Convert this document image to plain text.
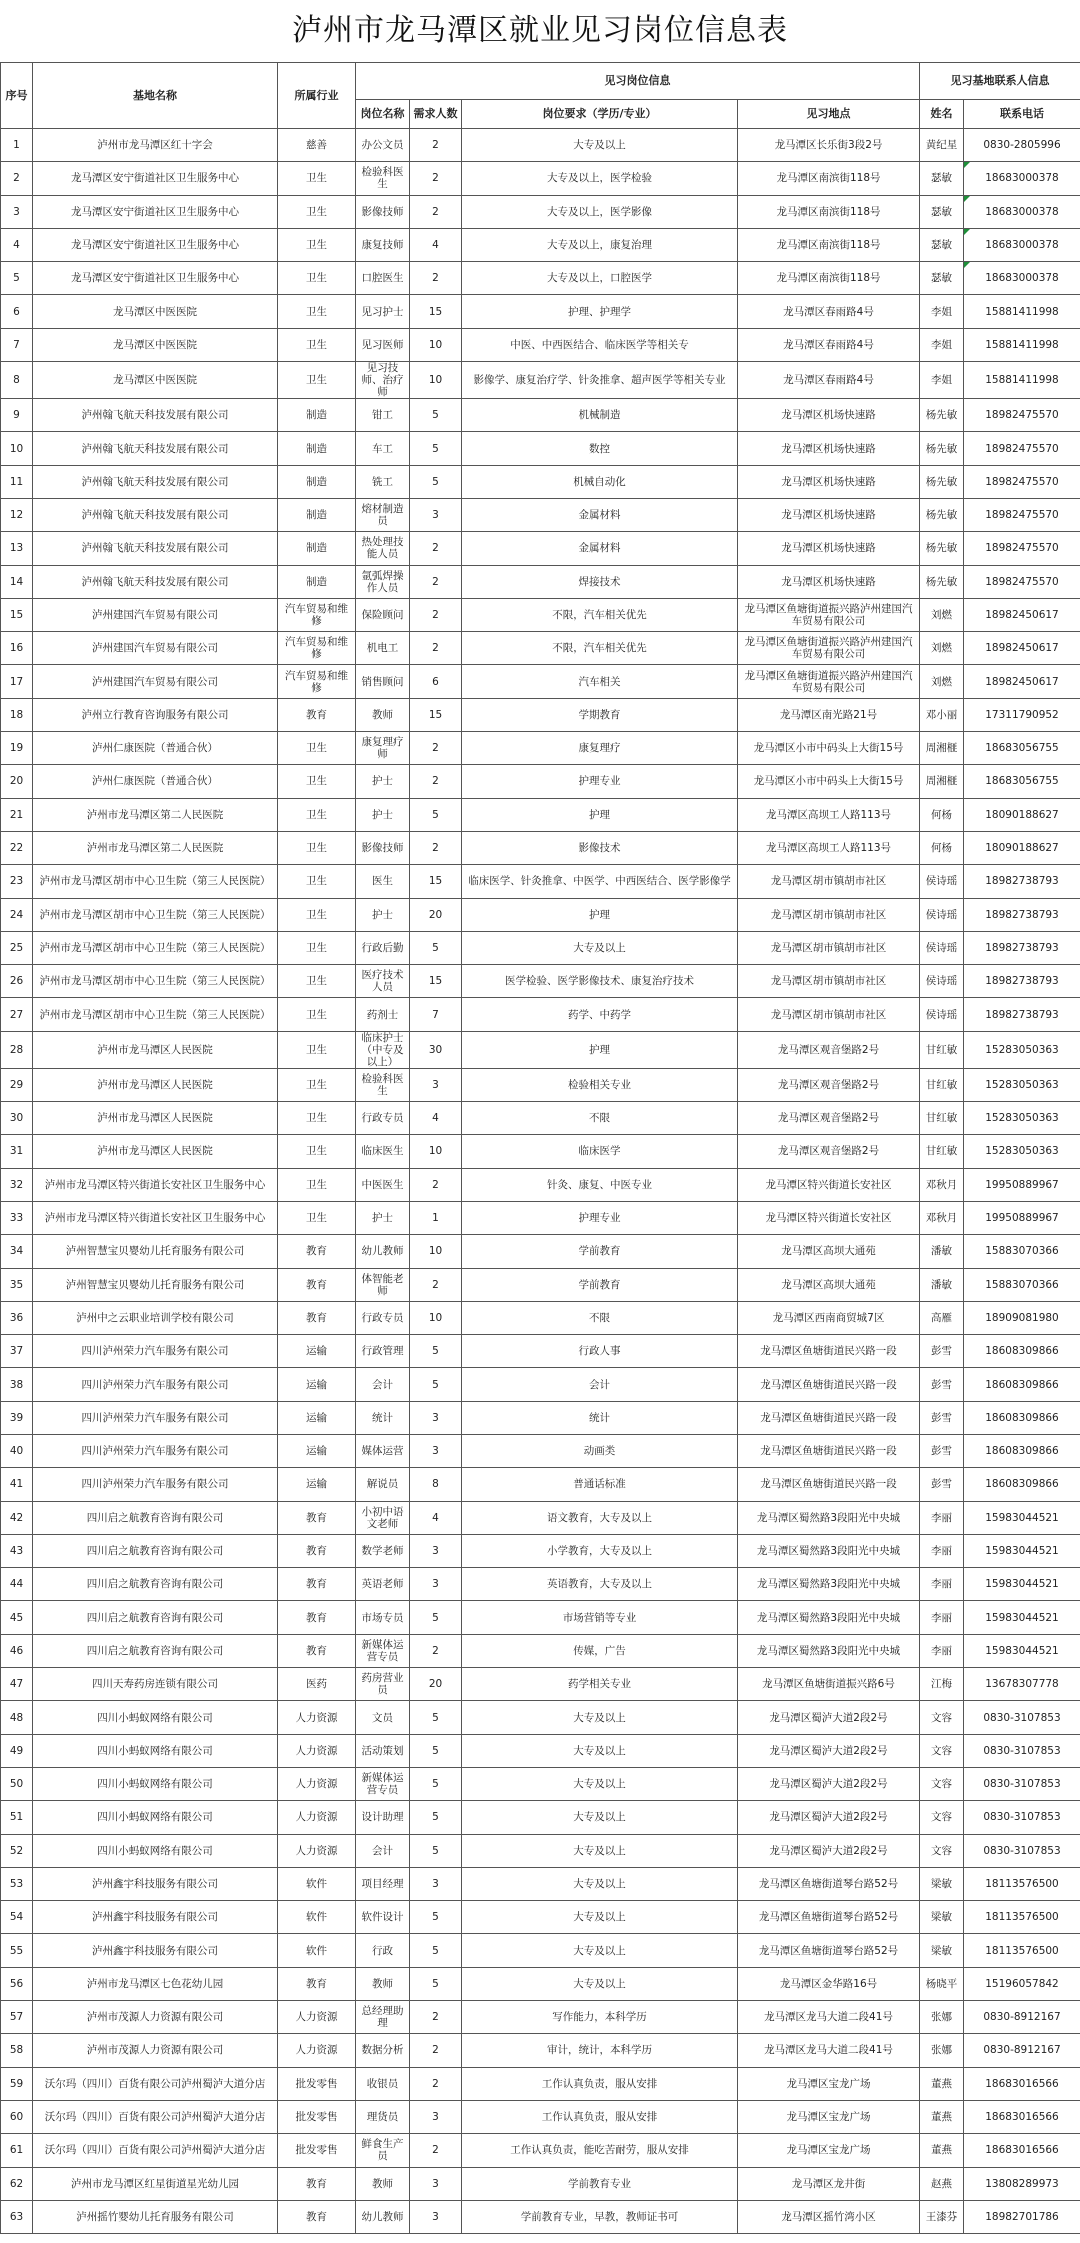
泸州市龙马潭区就业见习岗位信息表
序号	基地名称	所属行业	见习岗位信息				见习基地联系人信息	
			岗位名称	需求人数	岗位要求（学历/专业）	见习地点	姓名	联系电话
1	泸州市龙马潭区红十字会	慈善	办公文员	2	大专及以上	龙马潭区长乐街3段2号	黄纪星	0830-2805996
2	龙马潭区安宁街道社区卫生服务中心	卫生	检验科医生	2	大专及以上，医学检验	龙马潭区南滨街118号	瑟敏	18683000378
3	龙马潭区安宁街道社区卫生服务中心	卫生	影像技师	2	大专及以上，医学影像	龙马潭区南滨街118号	瑟敏	18683000378
4	龙马潭区安宁街道社区卫生服务中心	卫生	康复技师	4	大专及以上，康复治理	龙马潭区南滨街118号	瑟敏	18683000378
5	龙马潭区安宁街道社区卫生服务中心	卫生	口腔医生	2	大专及以上，口腔医学	龙马潭区南滨街118号	瑟敏	18683000378
6	龙马潭区中医医院	卫生	见习护士	15	护理、护理学	龙马潭区春雨路4号	李姐	15881411998
7	龙马潭区中医医院	卫生	见习医师	10	中医、中西医结合、临床医学等相关专	龙马潭区春雨路4号	李姐	15881411998
8	龙马潭区中医医院	卫生	见习技师、治疗师	10	影像学、康复治疗学、针灸推拿、超声医学等相关专业	龙马潭区春雨路4号	李姐	15881411998
9	泸州翰飞航天科技发展有限公司	制造	钳工	5	机械制造	龙马潭区机场快速路	杨先敏	18982475570
10	泸州翰飞航天科技发展有限公司	制造	车工	5	数控	龙马潭区机场快速路	杨先敏	18982475570
11	泸州翰飞航天科技发展有限公司	制造	铣工	5	机械自动化	龙马潭区机场快速路	杨先敏	18982475570
12	泸州翰飞航天科技发展有限公司	制造	熔材制造员	3	金属材料	龙马潭区机场快速路	杨先敏	18982475570
13	泸州翰飞航天科技发展有限公司	制造	热处理技能人员	2	金属材料	龙马潭区机场快速路	杨先敏	18982475570
14	泸州翰飞航天科技发展有限公司	制造	氩弧焊操作人员	2	焊接技术	龙马潭区机场快速路	杨先敏	18982475570
15	泸州建国汽车贸易有限公司	汽车贸易和维修	保险顾问	2	不限，汽车相关优先	龙马潭区鱼塘街道振兴路泸州建国汽车贸易有限公司	刘燃	18982450617
16	泸州建国汽车贸易有限公司	汽车贸易和维修	机电工	2	不限，汽车相关优先	龙马潭区鱼塘街道振兴路泸州建国汽车贸易有限公司	刘燃	18982450617
17	泸州建国汽车贸易有限公司	汽车贸易和维修	销售顾问	6	汽车相关	龙马潭区鱼塘街道振兴路泸州建国汽车贸易有限公司	刘燃	18982450617
18	泸州立行教育咨询服务有限公司	教育	教师	15	学期教育	龙马潭区南光路21号	邓小丽	17311790952
19	泸州仁康医院（普通合伙）	卫生	康复理疗师	2	康复理疗	龙马潭区小市中码头上大街15号	周湘榧	18683056755
20	泸州仁康医院（普通合伙）	卫生	护士	2	护理专业	龙马潭区小市中码头上大街15号	周湘榧	18683056755
21	泸州市龙马潭区第二人民医院	卫生	护士	5	护理	龙马潭区高坝工人路113号	何杨	18090188627
22	泸州市龙马潭区第二人民医院	卫生	影像技师	2	影像技术	龙马潭区高坝工人路113号	何杨	18090188627
23	泸州市龙马潭区胡市中心卫生院（第三人民医院）	卫生	医生	15	临床医学、针灸推拿、中医学、中西医结合、医学影像学	龙马潭区胡市镇胡市社区	侯诗瑶	18982738793
24	泸州市龙马潭区胡市中心卫生院（第三人民医院）	卫生	护士	20	护理	龙马潭区胡市镇胡市社区	侯诗瑶	18982738793
25	泸州市龙马潭区胡市中心卫生院（第三人民医院）	卫生	行政后勤	5	大专及以上	龙马潭区胡市镇胡市社区	侯诗瑶	18982738793
26	泸州市龙马潭区胡市中心卫生院（第三人民医院）	卫生	医疗技术人员	15	医学检验、医学影像技术、康复治疗技术	龙马潭区胡市镇胡市社区	侯诗瑶	18982738793
27	泸州市龙马潭区胡市中心卫生院（第三人民医院）	卫生	药剂士	7	药学、中药学	龙马潭区胡市镇胡市社区	侯诗瑶	18982738793
28	泸州市龙马潭区人民医院	卫生	临床护士（中专及以上）	30	护理	龙马潭区观音堡路2号	甘红敏	15283050363
29	泸州市龙马潭区人民医院	卫生	检验科医生	3	检验相关专业	龙马潭区观音堡路2号	甘红敏	15283050363
30	泸州市龙马潭区人民医院	卫生	行政专员	4	不限	龙马潭区观音堡路2号	甘红敏	15283050363
31	泸州市龙马潭区人民医院	卫生	临床医生	10	临床医学	龙马潭区观音堡路2号	甘红敏	15283050363
32	泸州市龙马潭区特兴街道长安社区卫生服务中心	卫生	中医医生	2	针灸、康复、中医专业	龙马潭区特兴街道长安社区	邓秋月	19950889967
33	泸州市龙马潭区特兴街道长安社区卫生服务中心	卫生	护士	1	护理专业	龙马潭区特兴街道长安社区	邓秋月	19950889967
34	泸州智慧宝贝婴幼儿托育服务有限公司	教育	幼儿教师	10	学前教育	龙马潭区高坝大通苑	潘敏	15883070366
35	泸州智慧宝贝婴幼儿托育服务有限公司	教育	体智能老师	2	学前教育	龙马潭区高坝大通苑	潘敏	15883070366
36	泸州中之云职业培训学校有限公司	教育	行政专员	10	不限	龙马潭区西南商贸城7区	高雁	18909081980
37	四川泸州荣力汽车服务有限公司	运输	行政管理	5	行政人事	龙马潭区鱼塘街道民兴路一段	彭雪	18608309866
38	四川泸州荣力汽车服务有限公司	运输	会计	5	会计	龙马潭区鱼塘街道民兴路一段	彭雪	18608309866
39	四川泸州荣力汽车服务有限公司	运输	统计	3	统计	龙马潭区鱼塘街道民兴路一段	彭雪	18608309866
40	四川泸州荣力汽车服务有限公司	运输	媒体运营	3	动画类	龙马潭区鱼塘街道民兴路一段	彭雪	18608309866
41	四川泸州荣力汽车服务有限公司	运输	解说员	8	普通话标准	龙马潭区鱼塘街道民兴路一段	彭雪	18608309866
42	四川启之航教育咨询有限公司	教育	小初中语文老师	4	语文教育，大专及以上	龙马潭区蜀然路3段阳光中央城	李丽	15983044521
43	四川启之航教育咨询有限公司	教育	数学老师	3	小学教育，大专及以上	龙马潭区蜀然路3段阳光中央城	李丽	15983044521
44	四川启之航教育咨询有限公司	教育	英语老师	3	英语教育，大专及以上	龙马潭区蜀然路3段阳光中央城	李丽	15983044521
45	四川启之航教育咨询有限公司	教育	市场专员	5	市场营销等专业	龙马潭区蜀然路3段阳光中央城	李丽	15983044521
46	四川启之航教育咨询有限公司	教育	新媒体运营专员	2	传媒，广告	龙马潭区蜀然路3段阳光中央城	李丽	15983044521
47	四川天寿药房连锁有限公司	医药	药房营业员	20	药学相关专业	龙马潭区鱼塘街道振兴路6号	江梅	13678307778
48	四川小蚂蚁网络有限公司	人力资源	文员	5	大专及以上	龙马潭区蜀泸大道2段2号	文容	0830-3107853
49	四川小蚂蚁网络有限公司	人力资源	活动策划	5	大专及以上	龙马潭区蜀泸大道2段2号	文容	0830-3107853
50	四川小蚂蚁网络有限公司	人力资源	新媒体运营专员	5	大专及以上	龙马潭区蜀泸大道2段2号	文容	0830-3107853
51	四川小蚂蚁网络有限公司	人力资源	设计助理	5	大专及以上	龙马潭区蜀泸大道2段2号	文容	0830-3107853
52	四川小蚂蚁网络有限公司	人力资源	会计	5	大专及以上	龙马潭区蜀泸大道2段2号	文容	0830-3107853
53	泸州鑫宇科技服务有限公司	软件	项目经理	3	大专及以上	龙马潭区鱼塘街道琴台路52号	梁敏	18113576500
54	泸州鑫宇科技服务有限公司	软件	软件设计	5	大专及以上	龙马潭区鱼塘街道琴台路52号	梁敏	18113576500
55	泸州鑫宇科技服务有限公司	软件	行政	5	大专及以上	龙马潭区鱼塘街道琴台路52号	梁敏	18113576500
56	泸州市龙马潭区七色花幼儿园	教育	教师	5	大专及以上	龙马潭区金华路16号	杨晓平	15196057842
57	泸州市茂源人力资源有限公司	人力资源	总经理助理	2	写作能力，本科学历	龙马潭区龙马大道二段41号	张娜	0830-8912167
58	泸州市茂源人力资源有限公司	人力资源	数据分析	2	审计，统计，本科学历	龙马潭区龙马大道二段41号	张娜	0830-8912167
59	沃尔玛（四川）百货有限公司泸州蜀泸大道分店	批发零售	收银员	2	工作认真负责，服从安排	龙马潭区宝龙广场	董燕	18683016566
60	沃尔玛（四川）百货有限公司泸州蜀泸大道分店	批发零售	理货员	3	工作认真负责，服从安排	龙马潭区宝龙广场	董燕	18683016566
61	沃尔玛（四川）百货有限公司泸州蜀泸大道分店	批发零售	鲜食生产员	2	工作认真负责，能吃苦耐劳，服从安排	龙马潭区宝龙广场	董燕	18683016566
62	泸州市龙马潭区红星街道星光幼儿园	教育	教师	3	学前教育专业	龙马潭区龙井街	赵燕	13808289973
63	泸州摇竹婴幼儿托育服务有限公司	教育	幼儿教师	3	学前教育专业，早教，教师证书可	龙马潭区摇竹湾小区	王漆芬	18982701786
